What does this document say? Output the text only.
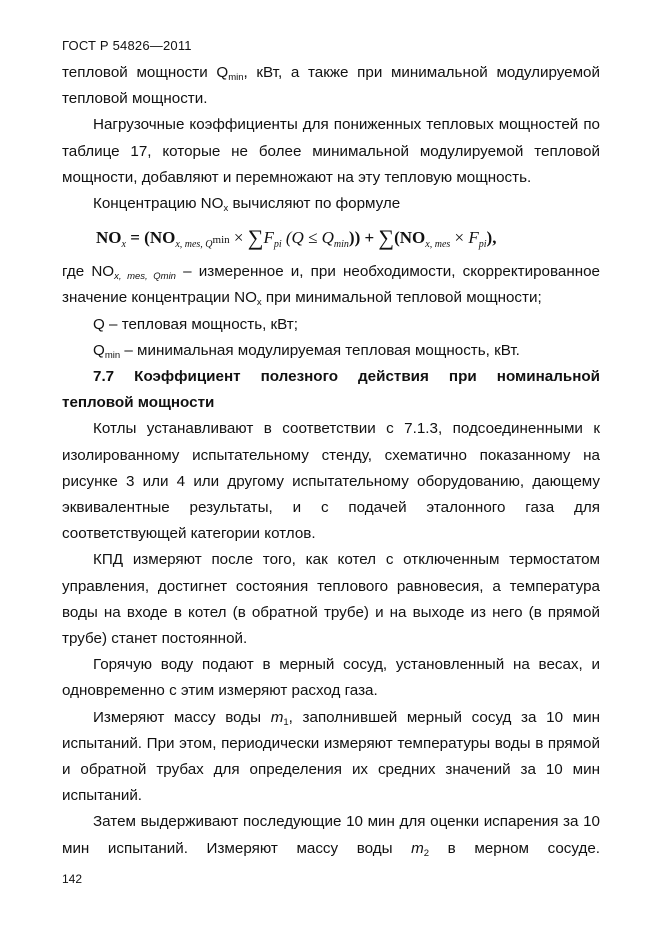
ГОСТ Р 54826—2011

тепловой мощности $Q_{min}$, кВт, а также при минимальной модулируемой тепловой мощности.

Нагрузочные коэффициенты для пониженных тепловых мощностей по таблице 17, которые не более минимальной модулируемой тепловой мощности, добавляют и перемножают на эту тепловую мощность.

Концентрацию $NO_x$ вычисляют по формуле

$NO_x = (NO_{x, mes, Q}\min \times \sum F_{pi}$ $(Q \le Q_{min})) + \sum(NO_{x, mes} \times F_{pi})$,

где $NO_{x, mes, Qmin}$ – измеренное и, при необходимости, скорректированное значение концентрации $NO_x$ при минимальной тепловой мощности;

Q – тепловая мощность, кВт;

$Q_{min}$ – минимальная модулируемая тепловая мощность, кВт.

7.7 Коэффициент полезного действия при номинальной
тепловой мощности

Котлы устанавливают в соответствии с 7.1.3, подсоединенными к изолированному испытательному стенду, схематично показанному на рисунке 3 или 4 или другому испытательному оборудованию, дающему эквивалентные результаты, и с подачей эталонного газа для соответствующей категории котлов.

КПД измеряют после того, как котел с отключенным термостатом управления, достигнет состояния теплового равновесия, а температура воды на входе в котел (в обратной трубе) и на выходе из него (в прямой трубе) станет постоянной.

Горячую воду подают в мерный сосуд, установленный на весах, и одновременно с этим измеряют расход газа.

Измеряют массу воды $m_1$, заполнившей мерный сосуд за 10 мин испытаний. При этом, периодически измеряют температуры воды в прямой и обратной трубах для определения их средних значений за 10 мин испытаний.

Затем выдерживают последующие 10 мин для оценки испарения за 10 мин испытаний. Измеряют массу воды $m_2$ в мерном сосуде.

142
